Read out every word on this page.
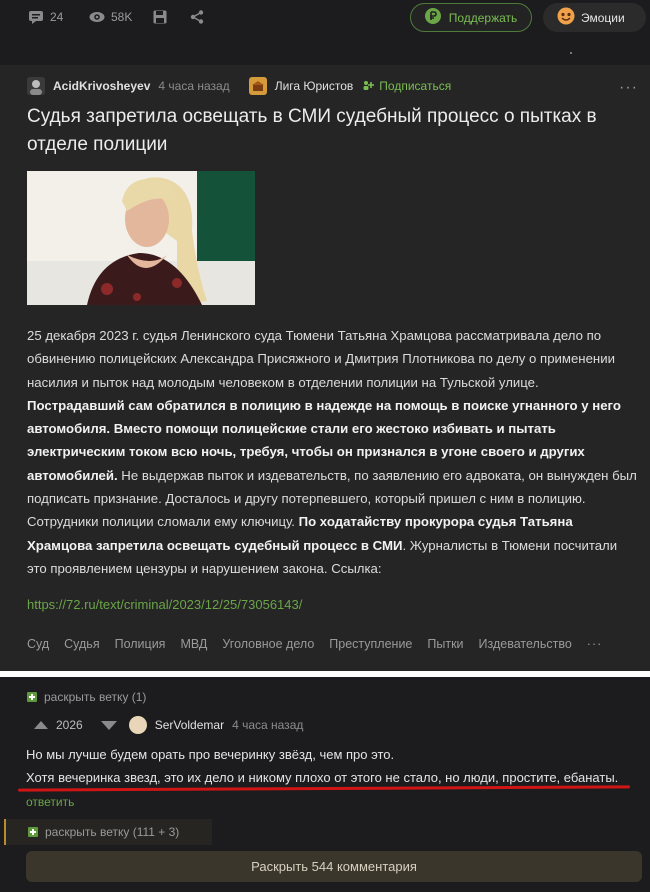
24	58K	Поддержать	Эмоции
AcidKrivosheyev 4 часа назад	Лига Юристов Подписаться	···
Судья запретила освещать в СМИ судебный процесс о пытках в отделе полиции
25 декабря 2023 г. судья Ленинского суда Тюмени Татьяна Храмцова рассматривала дело по обвинению полицейских Александра Присяжного и Дмитрия Плотникова по делу о применении насилия и пыток над молодым человеком в отделении полиции на Тульской улице. Пострадавший сам обратился в полицию в надежде на помощь в поиске угнанного у него автомобиля. Вместо помощи полицейские стали его жестоко избивать и пытать электрическим током всю ночь, требуя, чтобы он признался в угоне своего и других автомобилей. Не выдержав пыток и издевательств, по заявлению его адвоката, он вынужден был подписать признание. Досталось и другу потерпевшего, который пришел с ним в полицию. Сотрудники полиции сломали ему ключицу. По ходатайству прокурора судья Татьяна Храмцова запретила освещать судебный процесс в СМИ. Журналисты в Тюмени посчитали это проявлением цензуры и нарушением закона. Ссылка:
https://72.ru/text/criminal/2023/12/25/73056143/
Суд Судья Полиция МВД Уголовное дело Преступление Пытки Издевательство ···
раскрыть ветку (1)
2026	SerVoldemar 4 часа назад
Но мы лучше будем орать про вечеринку звёзд, чем про это.
Хотя вечеринка звезд, это их дело и никому плохо от этого не стало, но люди, простите, ебанаты.
ответить
раскрыть ветку (111 + 3)
Раскрыть 544 комментария
